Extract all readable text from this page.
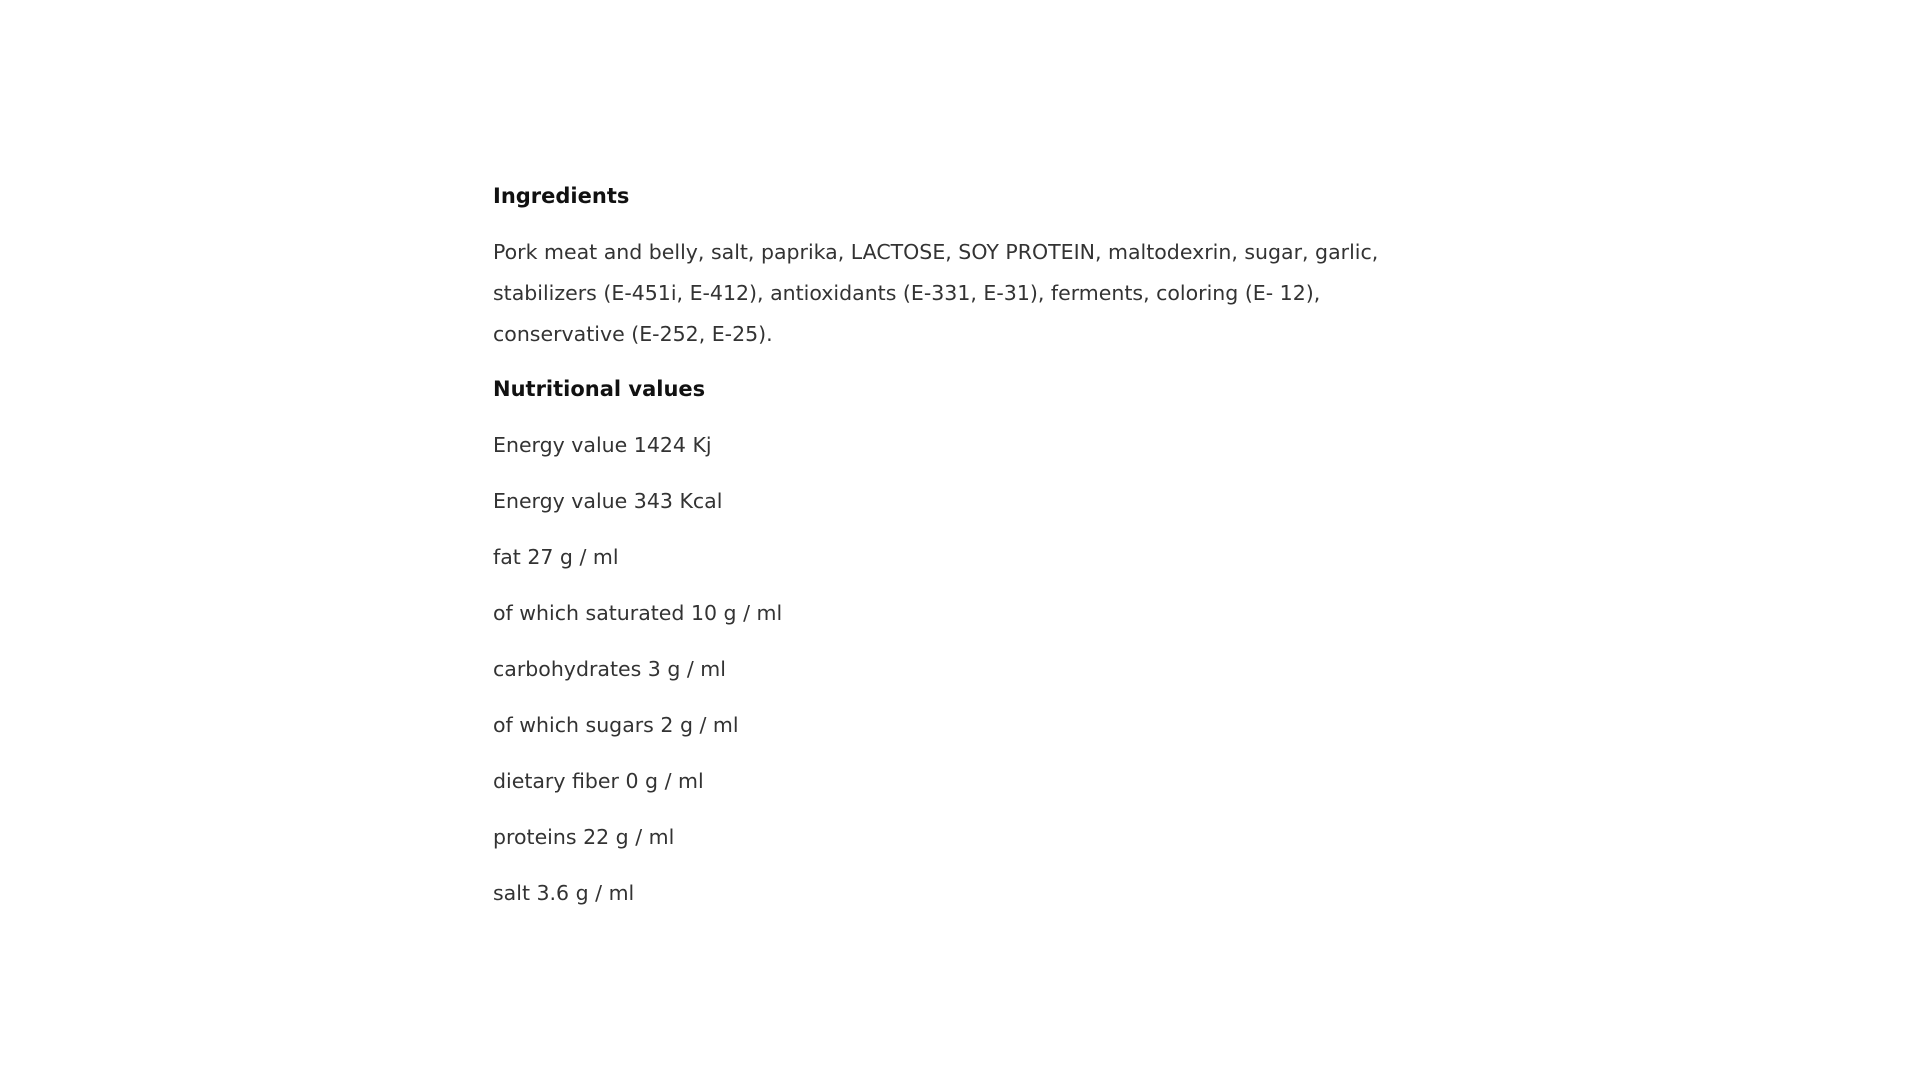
Ingredients

Pork meat and belly, salt, paprika, LACTOSE, SOY PROTEIN, maltodexrin, sugar, garlic, stabilizers (E-451i, E-412), antioxidants (E-331, E-31), ferments, coloring (E- 12), conservative (E-252, E-25).

Nutritional values
Energy value 1424 Kj
Energy value 343 Kcal
fat 27 g / ml
of which saturated 10 g / ml
carbohydrates 3 g / ml
of which sugars 2 g / ml
dietary fiber 0 g / ml
proteins 22 g / ml
salt 3.6 g / ml
